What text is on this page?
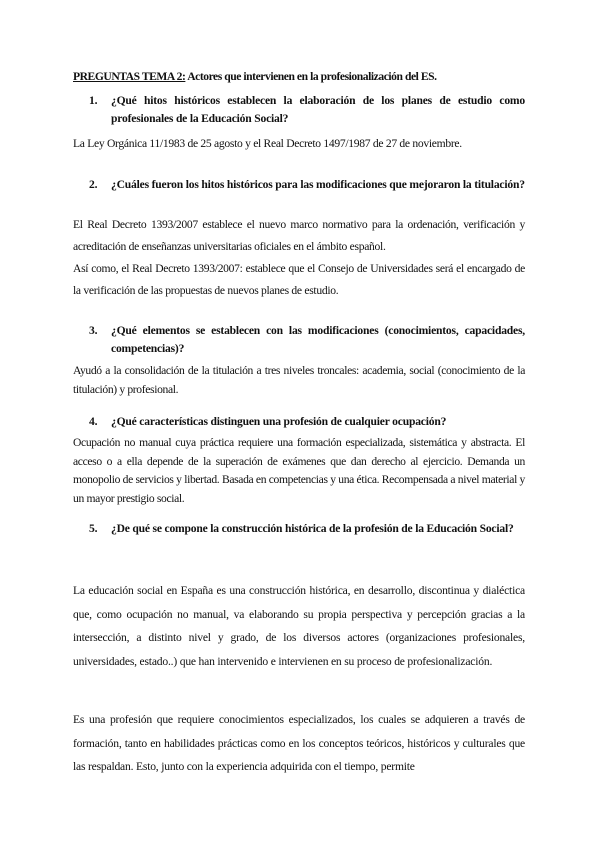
PREGUNTAS TEMA 2: Actores que intervienen en la profesionalización del ES.
1.	¿Qué hitos históricos establecen la elaboración de los planes de estudio como profesionales de la Educación Social?

La Ley Orgánica 11/1983 de 25 agosto y el Real Decreto 1497/1987 de 27 de noviembre.

2.	¿Cuáles fueron los hitos históricos para las modificaciones que mejoraron la titulación?

El Real Decreto 1393/2007 establece el nuevo marco normativo para la ordenación, verificación y acreditación de enseñanzas universitarias oficiales en el ámbito español.

Así como, el Real Decreto 1393/2007: establece que el Consejo de Universidades será el encargado de la verificación de las propuestas de nuevos planes de estudio.

3.	¿Qué elementos se establecen con las modificaciones (conocimientos, capacidades, competencias)?

Ayudó a la consolidación de la titulación a tres niveles troncales: academia, social (conocimiento de la titulación) y profesional.

4.	¿Qué características distinguen una profesión de cualquier ocupación?

Ocupación no manual cuya práctica requiere una formación especializada, sistemática y abstracta. El acceso o a ella depende de la superación de exámenes que dan derecho al ejercicio. Demanda un monopolio de servicios y libertad. Basada en competencias y una ética. Recompensada a nivel material y un mayor prestigio social.

5.	¿De qué se compone la construcción histórica de la profesión de la Educación Social?

La educación social en España es una construcción histórica, en desarrollo, discontinua y dialéctica que, como ocupación no manual, va elaborando su propia perspectiva y percepción gracias a la intersección, a distinto nivel y grado, de los diversos actores (organizaciones profesionales, universidades, estado..) que han intervenido e intervienen en su proceso de profesionalización.

Es una profesión que requiere conocimientos especializados, los cuales se adquieren a través de formación, tanto en habilidades prácticas como en los conceptos teóricos, históricos y culturales que las respaldan. Esto, junto con la experiencia adquirida con el tiempo, permite
